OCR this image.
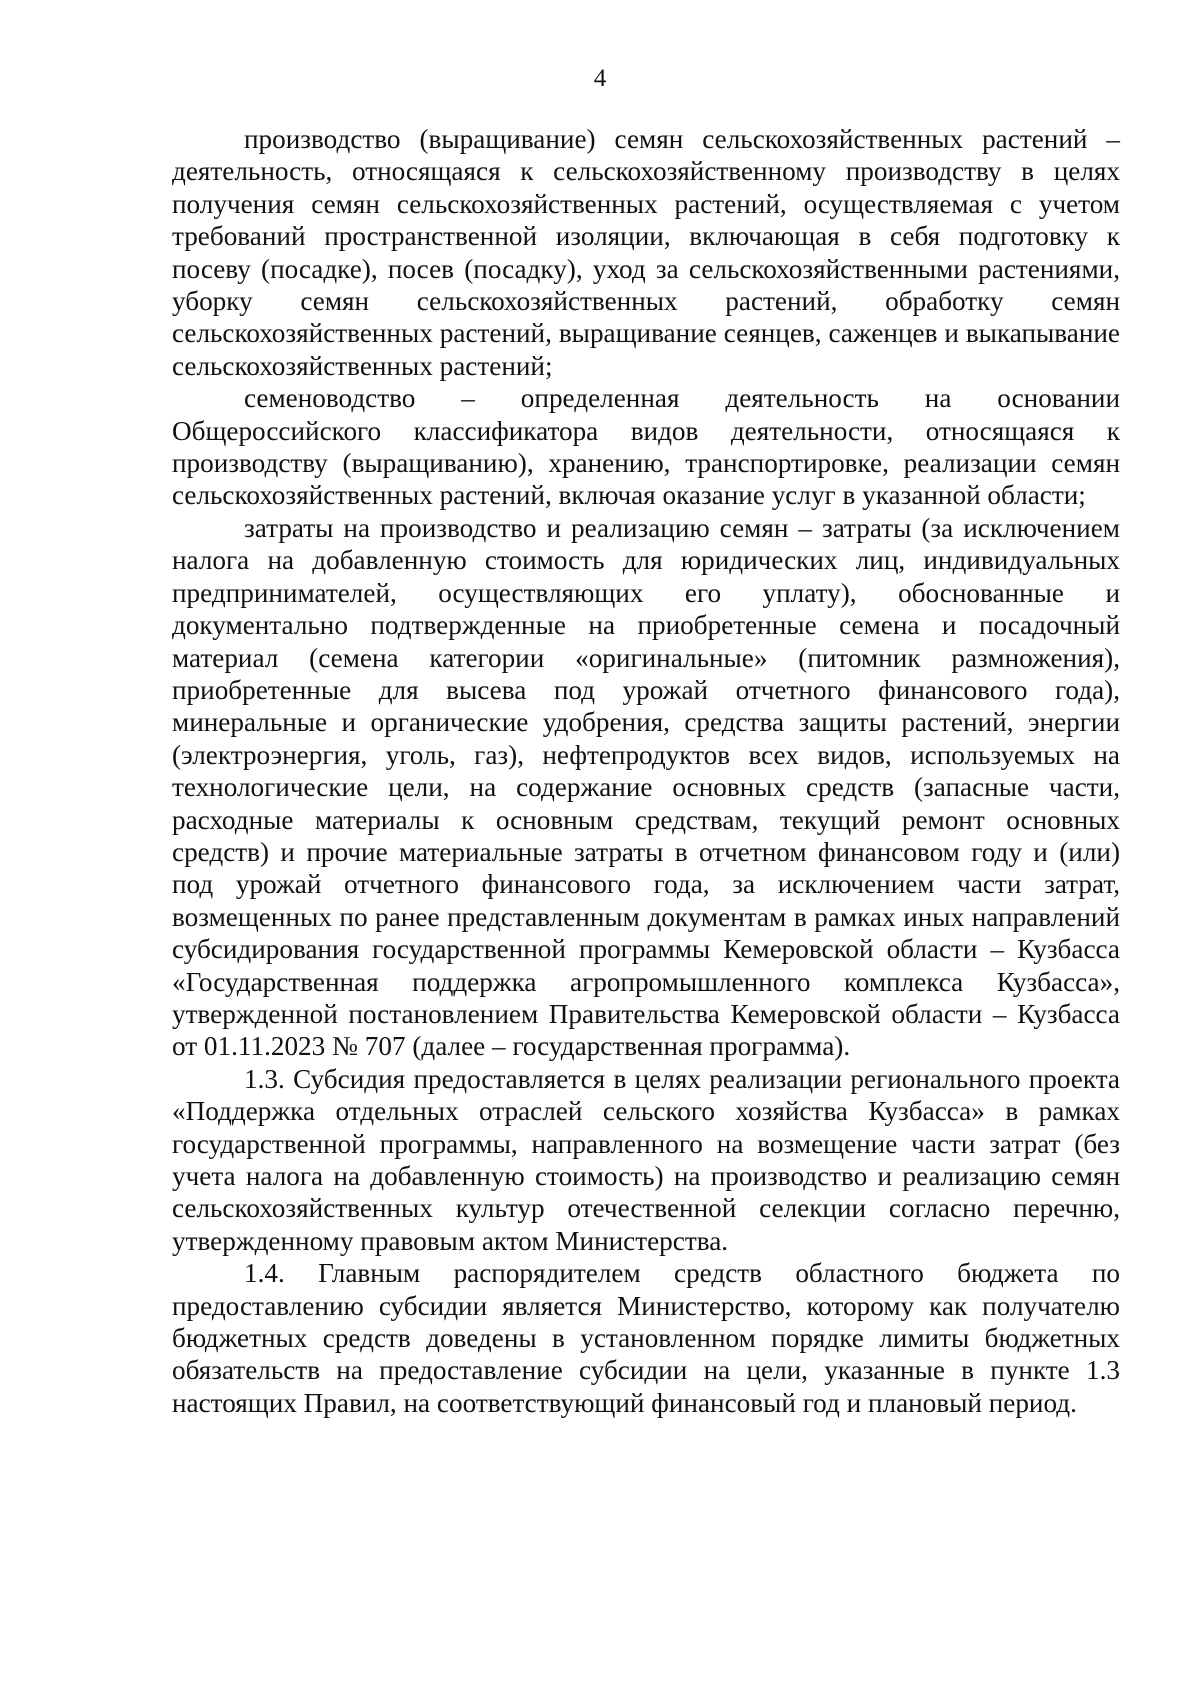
4

производство (выращивание) семян сельскохозяйственных растений – деятельность, относящаяся к сельскохозяйственному производству в целях получения семян сельскохозяйственных растений, осуществляемая с учетом требований пространственной изоляции, включающая в себя подготовку к посеву (посадке), посев (посадку), уход за сельскохозяйственными растениями, уборку семян сельскохозяйственных растений, обработку семян сельскохозяйственных растений, выращивание сеянцев, саженцев и выкапывание сельскохозяйственных растений;

семеноводство – определенная деятельность на основании Общероссийского классификатора видов деятельности, относящаяся к производству (выращиванию), хранению, транспортировке, реализации семян сельскохозяйственных растений, включая оказание услуг в указанной области;

затраты на производство и реализацию семян – затраты (за исключением налога на добавленную стоимость для юридических лиц, индивидуальных предпринимателей, осуществляющих его уплату), обоснованные и документально подтвержденные на приобретенные семена и посадочный материал (семена категории «оригинальные» (питомник размножения), приобретенные для высева под урожай отчетного финансового года), минеральные и органические удобрения, средства защиты растений, энергии (электроэнергия, уголь, газ), нефтепродуктов всех видов, используемых на технологические цели, на содержание основных средств (запасные части, расходные материалы к основным средствам, текущий ремонт основных средств) и прочие материальные затраты в отчетном финансовом году и (или) под урожай отчетного финансового года, за исключением части затрат, возмещенных по ранее представленным документам в рамках иных направлений субсидирования государственной программы Кемеровской области – Кузбасса «Государственная поддержка агропромышленного комплекса Кузбасса», утвержденной постановлением Правительства Кемеровской области – Кузбасса от 01.11.2023 № 707 (далее – государственная программа).

1.3. Субсидия предоставляется в целях реализации регионального проекта «Поддержка отдельных отраслей сельского хозяйства Кузбасса» в рамках государственной программы, направленного на возмещение части затрат (без учета налога на добавленную стоимость) на производство и реализацию семян сельскохозяйственных культур отечественной селекции согласно перечню, утвержденному правовым актом Министерства.

1.4. Главным распорядителем средств областного бюджета по предоставлению субсидии является Министерство, которому как получателю бюджетных средств доведены в установленном порядке лимиты бюджетных обязательств на предоставление субсидии на цели, указанные в пункте 1.3 настоящих Правил, на соответствующий финансовый год и плановый период.
